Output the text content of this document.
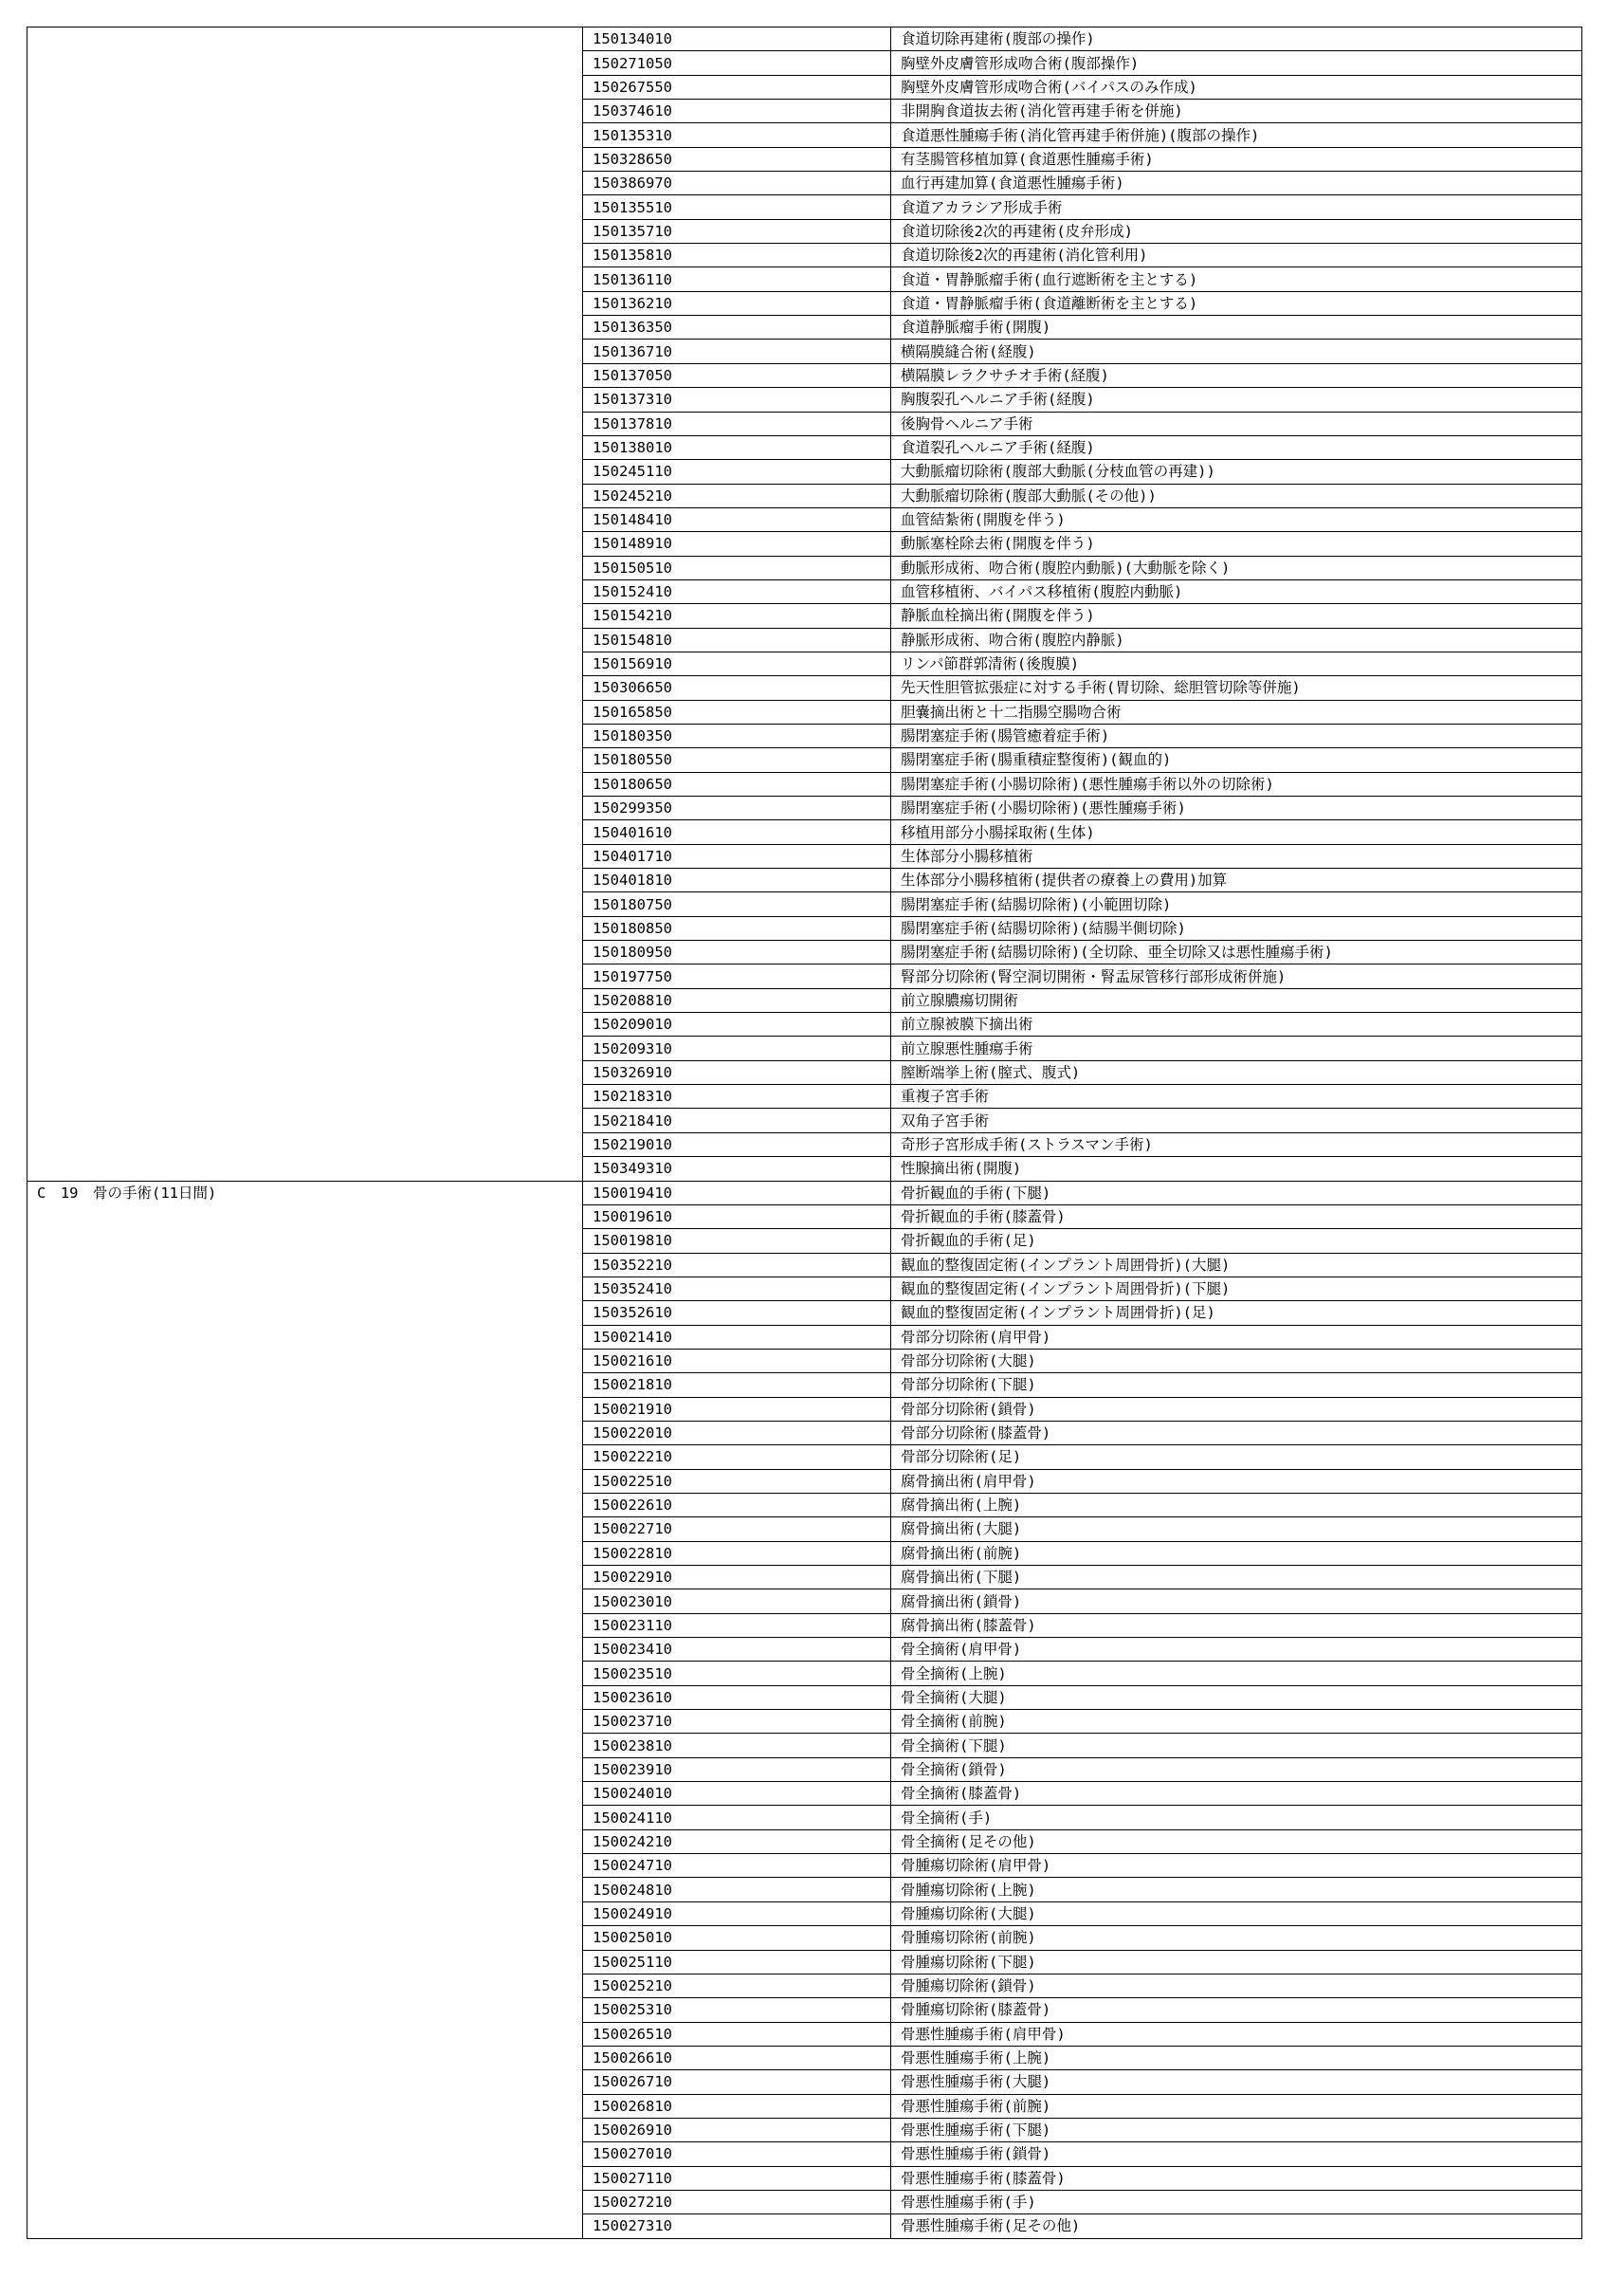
	150134010	食道切除再建術(腹部の操作)
	150271050	胸壁外皮膚管形成吻合術(腹部操作)
	150267550	胸壁外皮膚管形成吻合術(バイパスのみ作成)
	150374610	非開胸食道抜去術(消化管再建手術を併施)
	150135310	食道悪性腫瘍手術(消化管再建手術併施)(腹部の操作)
	150328650	有茎腸管移植加算(食道悪性腫瘍手術)
	150386970	血行再建加算(食道悪性腫瘍手術)
	150135510	食道アカラシア形成手術
	150135710	食道切除後2次的再建術(皮弁形成)
	150135810	食道切除後2次的再建術(消化管利用)
	150136110	食道・胃静脈瘤手術(血行遮断術を主とする)
	150136210	食道・胃静脈瘤手術(食道離断術を主とする)
	150136350	食道静脈瘤手術(開腹)
	150136710	横隔膜縫合術(経腹)
	150137050	横隔膜レラクサチオ手術(経腹)
	150137310	胸腹裂孔ヘルニア手術(経腹)
	150137810	後胸骨ヘルニア手術
	150138010	食道裂孔ヘルニア手術(経腹)
	150245110	大動脈瘤切除術(腹部大動脈(分枝血管の再建))
	150245210	大動脈瘤切除術(腹部大動脈(その他))
	150148410	血管結紮術(開腹を伴う)
	150148910	動脈塞栓除去術(開腹を伴う)
	150150510	動脈形成術、吻合術(腹腔内動脈)(大動脈を除く)
	150152410	血管移植術、バイパス移植術(腹腔内動脈)
	150154210	静脈血栓摘出術(開腹を伴う)
	150154810	静脈形成術、吻合術(腹腔内静脈)
	150156910	リンパ節群郭清術(後腹膜)
	150306650	先天性胆管拡張症に対する手術(胃切除、総胆管切除等併施)
	150165850	胆嚢摘出術と十二指腸空腸吻合術
	150180350	腸閉塞症手術(腸管癒着症手術)
	150180550	腸閉塞症手術(腸重積症整復術)(観血的)
	150180650	腸閉塞症手術(小腸切除術)(悪性腫瘍手術以外の切除術)
	150299350	腸閉塞症手術(小腸切除術)(悪性腫瘍手術)
	150401610	移植用部分小腸採取術(生体)
	150401710	生体部分小腸移植術
	150401810	生体部分小腸移植術(提供者の療養上の費用)加算
	150180750	腸閉塞症手術(結腸切除術)(小範囲切除)
	150180850	腸閉塞症手術(結腸切除術)(結腸半側切除)
	150180950	腸閉塞症手術(結腸切除術)(全切除、亜全切除又は悪性腫瘍手術)
	150197750	腎部分切除術(腎空洞切開術・腎盂尿管移行部形成術併施)
	150208810	前立腺膿瘍切開術
	150209010	前立腺被膜下摘出術
	150209310	前立腺悪性腫瘍手術
	150326910	膣断端挙上術(膣式、腹式)
	150218310	重複子宮手術
	150218410	双角子宮手術
	150219010	奇形子宮形成手術(ストラスマン手術)
	150349310	性腺摘出術(開腹)
C　19　骨の手術(11日間)	150019410	骨折観血的手術(下腿)
	150019610	骨折観血的手術(膝蓋骨)
	150019810	骨折観血的手術(足)
	150352210	観血的整復固定術(インプラント周囲骨折)(大腿)
	150352410	観血的整復固定術(インプラント周囲骨折)(下腿)
	150352610	観血的整復固定術(インプラント周囲骨折)(足)
	150021410	骨部分切除術(肩甲骨)
	150021610	骨部分切除術(大腿)
	150021810	骨部分切除術(下腿)
	150021910	骨部分切除術(鎖骨)
	150022010	骨部分切除術(膝蓋骨)
	150022210	骨部分切除術(足)
	150022510	腐骨摘出術(肩甲骨)
	150022610	腐骨摘出術(上腕)
	150022710	腐骨摘出術(大腿)
	150022810	腐骨摘出術(前腕)
	150022910	腐骨摘出術(下腿)
	150023010	腐骨摘出術(鎖骨)
	150023110	腐骨摘出術(膝蓋骨)
	150023410	骨全摘術(肩甲骨)
	150023510	骨全摘術(上腕)
	150023610	骨全摘術(大腿)
	150023710	骨全摘術(前腕)
	150023810	骨全摘術(下腿)
	150023910	骨全摘術(鎖骨)
	150024010	骨全摘術(膝蓋骨)
	150024110	骨全摘術(手)
	150024210	骨全摘術(足その他)
	150024710	骨腫瘍切除術(肩甲骨)
	150024810	骨腫瘍切除術(上腕)
	150024910	骨腫瘍切除術(大腿)
	150025010	骨腫瘍切除術(前腕)
	150025110	骨腫瘍切除術(下腿)
	150025210	骨腫瘍切除術(鎖骨)
	150025310	骨腫瘍切除術(膝蓋骨)
	150026510	骨悪性腫瘍手術(肩甲骨)
	150026610	骨悪性腫瘍手術(上腕)
	150026710	骨悪性腫瘍手術(大腿)
	150026810	骨悪性腫瘍手術(前腕)
	150026910	骨悪性腫瘍手術(下腿)
	150027010	骨悪性腫瘍手術(鎖骨)
	150027110	骨悪性腫瘍手術(膝蓋骨)
	150027210	骨悪性腫瘍手術(手)
	150027310	骨悪性腫瘍手術(足その他)
